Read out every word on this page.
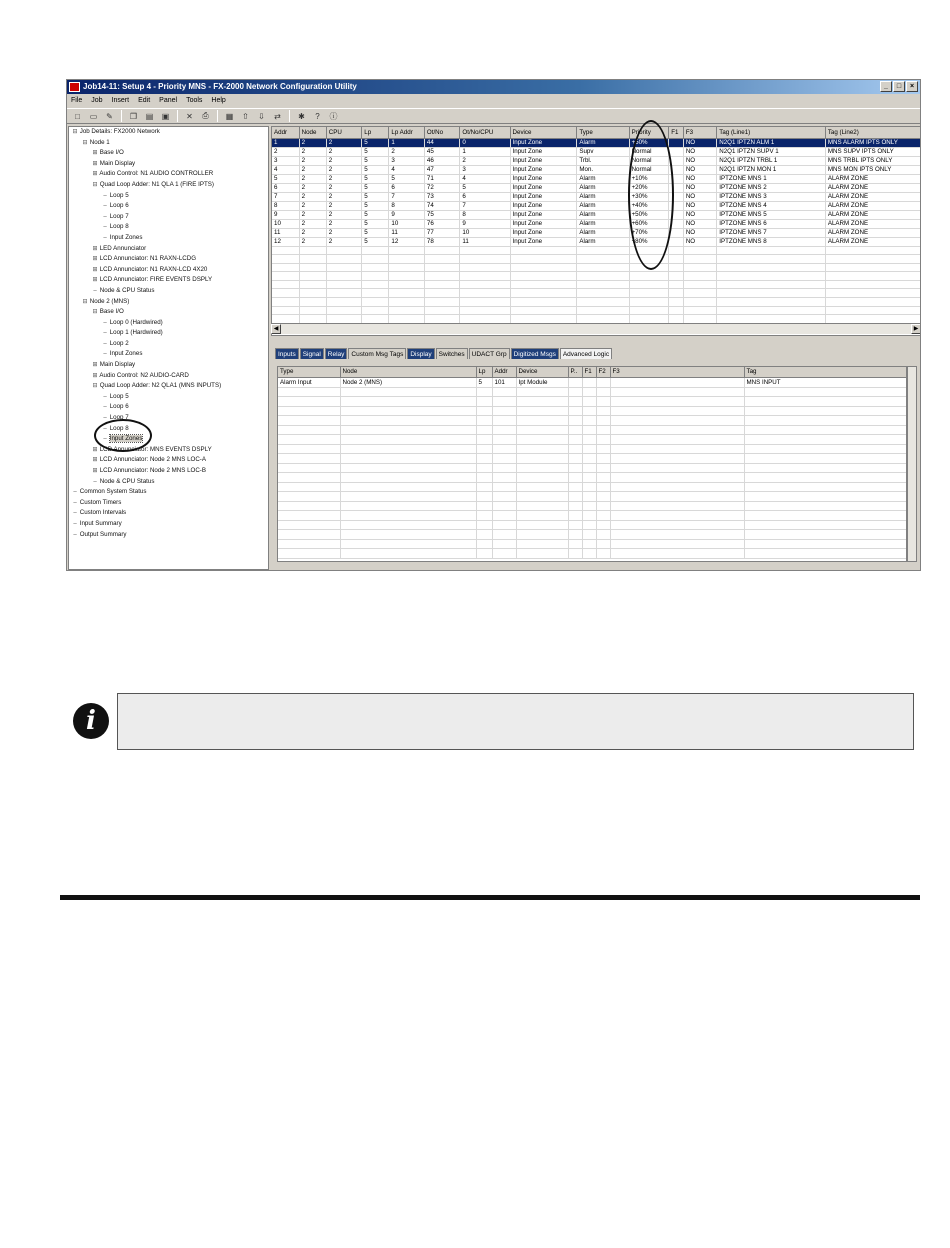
Job14-11: Setup 4 - Priority MNS - FX-2000 Network Configuration Utility	_	□	×
File Job Insert Edit Panel Tools Help
□	▭	✎	❐	▤	▣	✕	⎙	▦	⇧	⇩	⇄	✱	?	ⓘ
⊟ Job Details: FX2000 Network
⊟ Node 1
⊞ Base I/O
⊞ Main Display
⊞ Audio Control: N1 AUDIO CONTROLLER
⊟ Quad Loop Adder: N1 QLA 1 (FIRE IPTS)
– Loop 5
– Loop 6
– Loop 7
– Loop 8
– Input Zones
⊞ LED Annunciator
⊞ LCD Annunciator: N1 RAXN-LCDG
⊞ LCD Annunciator: N1 RAXN-LCD 4X20
⊞ LCD Annunciator: FIRE EVENTS DSPLY
– Node & CPU Status
⊟ Node 2 (MNS)
⊟ Base I/O
– Loop 0 (Hardwired)
– Loop 1 (Hardwired)
– Loop 2
– Input Zones
⊞ Main Display
⊞ Audio Control: N2 AUDIO-CARD
⊟ Quad Loop Adder: N2 QLA1 (MNS INPUTS)
– Loop 5
– Loop 6
– Loop 7
– Loop 8
– Input Zones
⊞ LCD Annunciator: MNS EVENTS DSPLY
⊞ LCD Annunciator: Node 2 MNS LOC-A
⊞ LCD Annunciator: Node 2 MNS LOC-B
– Node & CPU Status
– Common System Status
– Custom Timers
– Custom Intervals
– Input Summary
– Output Summary
Addr	Node	CPU	Lp	Lp Addr	Ot/No	Ot/No/CPU	Device	Type	Priority	F1	F3	Tag (Line1)	Tag (Line2)
1	2	2	5	1	44	0	Input Zone	Alarm	+50%		NO	N2Q1 IPTZN ALM 1	MNS ALARM IPTS ONLY
2	2	2	5	2	45	1	Input Zone	Supv	Normal		NO	N2Q1 IPTZN SUPV 1	MNS SUPV IPTS ONLY
3	2	2	5	3	46	2	Input Zone	Trbl.	Normal		NO	N2Q1 IPTZN TRBL 1	MNS TRBL IPTS ONLY
4	2	2	5	4	47	3	Input Zone	Mon.	Normal		NO	N2Q1 IPTZN MON 1	MNS MON IPTS ONLY
5	2	2	5	5	71	4	Input Zone	Alarm	+10%		NO	IPTZONE MNS 1	ALARM ZONE
6	2	2	5	6	72	5	Input Zone	Alarm	+20%		NO	IPTZONE MNS 2	ALARM ZONE
7	2	2	5	7	73	6	Input Zone	Alarm	+30%		NO	IPTZONE MNS 3	ALARM ZONE
8	2	2	5	8	74	7	Input Zone	Alarm	+40%		NO	IPTZONE MNS 4	ALARM ZONE
9	2	2	5	9	75	8	Input Zone	Alarm	+50%		NO	IPTZONE MNS 5	ALARM ZONE
10	2	2	5	10	76	9	Input Zone	Alarm	+60%		NO	IPTZONE MNS 6	ALARM ZONE
11	2	2	5	11	77	10	Input Zone	Alarm	+70%		NO	IPTZONE MNS 7	ALARM ZONE
12	2	2	5	12	78	11	Input Zone	Alarm	+80%		NO	IPTZONE MNS 8	ALARM ZONE

◀	▶
Inputs	Signal	Relay	Custom Msg Tags	Display	Switches	UDACT Grp	Digitized Msgs	Advanced Logic
Type	Node	Lp	Addr	Device	P..	F1	F2	F3	Tag
Alarm Input	Node 2 (MNS)	5	101	Ipt Module					MNS INPUT

i
